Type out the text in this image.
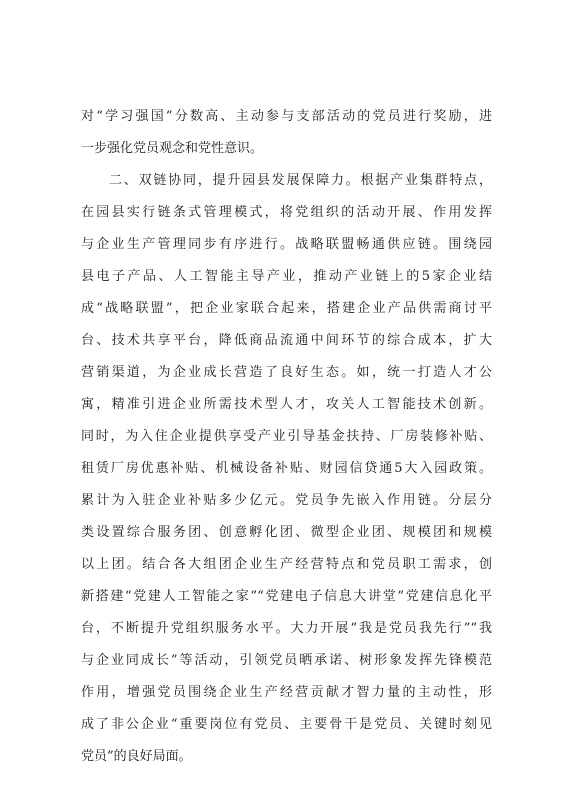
对“学习强国”分数高、主动参与支部活动的党员进行奖励，进
一步强化党员观念和党性意识。
二、双链协同，提升园县发展保障力。根据产业集群特点，
在园县实行链条式管理模式，将党组织的活动开展、作用发挥
与企业生产管理同步有序进行。战略联盟畅通供应链。围绕园
县电子产品、人工智能主导产业，推动产业链上的5家企业结
成“战略联盟”，把企业家联合起来，搭建企业产品供需商讨平
台、技术共享平台，降低商品流通中间环节的综合成本，扩大
营销渠道，为企业成长营造了良好生态。如，统一打造人才公
寓，精准引进企业所需技术型人才，攻关人工智能技术创新。
同时，为入住企业提供享受产业引导基金扶持、厂房装修补贴、
租赁厂房优惠补贴、机械设备补贴、财园信贷通5大入园政策。
累计为入驻企业补贴多少亿元。党员争先嵌入作用链。分层分
类设置综合服务团、创意孵化团、微型企业团、规模团和规模
以上团。结合各大组团企业生产经营特点和党员职工需求，创
新搭建“党建人工智能之家”“党建电子信息大讲堂”党建信息化平
台，不断提升党组织服务水平。大力开展“我是党员我先行”“我
与企业同成长”等活动，引领党员晒承诺、树形象发挥先锋模范
作用，增强党员围绕企业生产经营贡献才智力量的主动性，形
成了非公企业“重要岗位有党员、主要骨干是党员、关键时刻见
党员”的良好局面。
